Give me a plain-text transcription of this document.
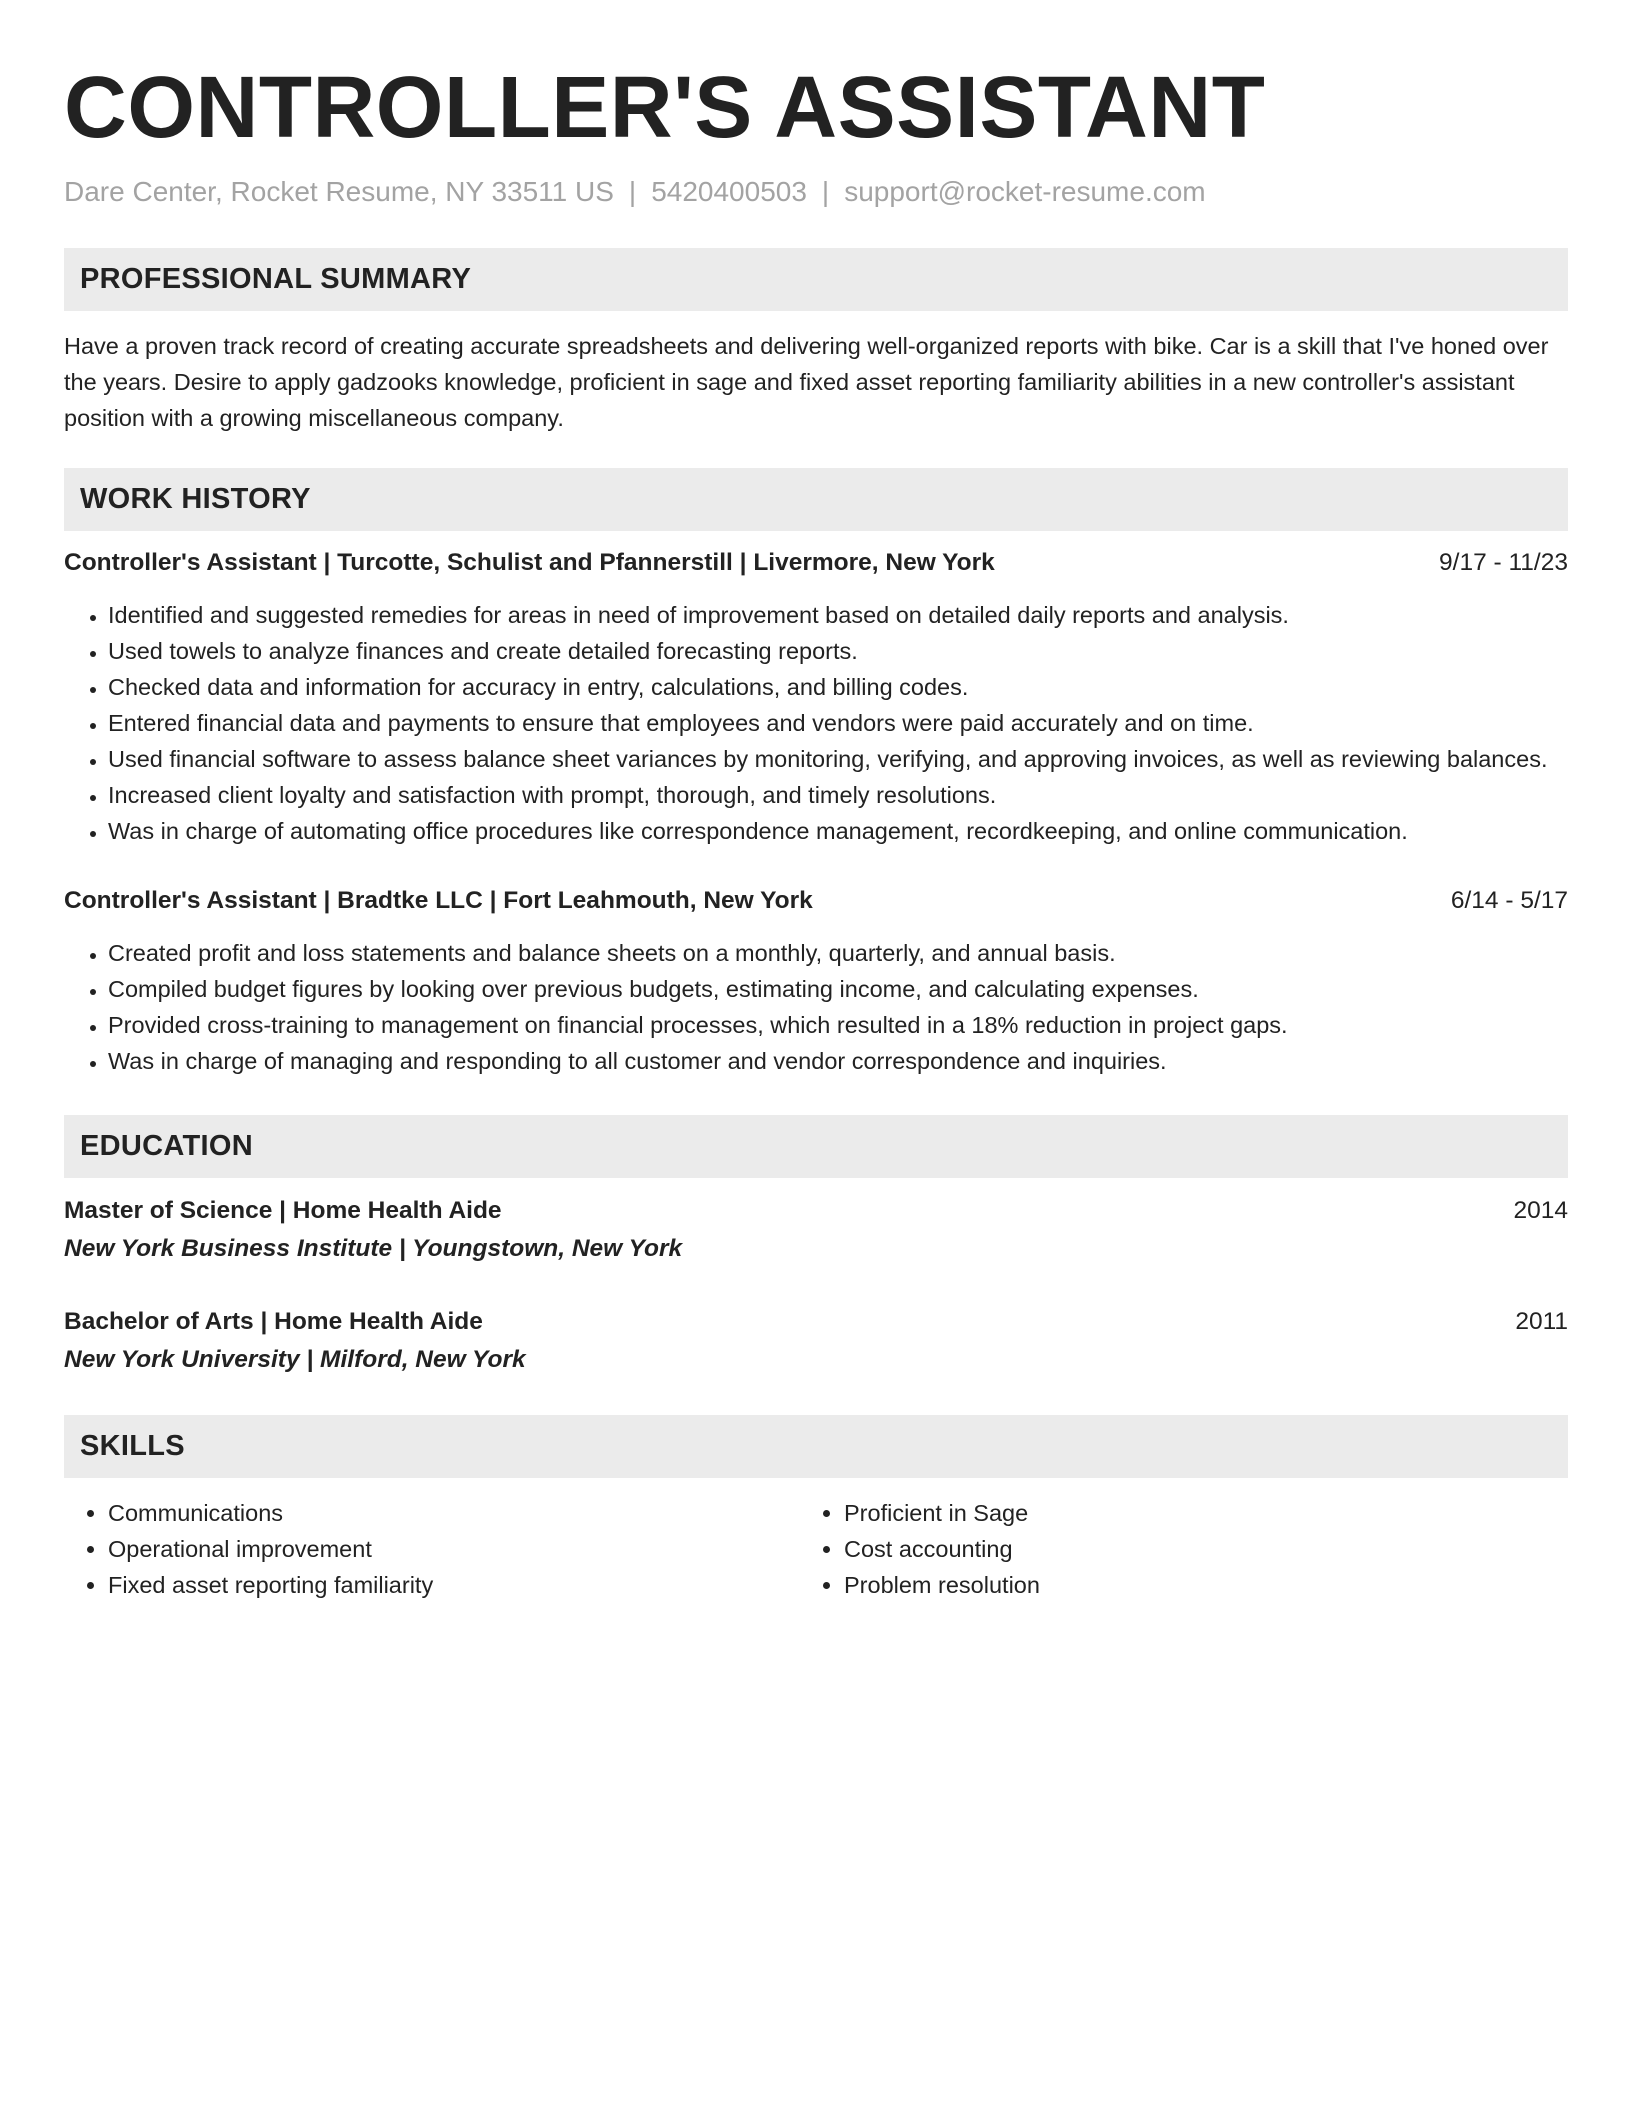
CONTROLLER'S ASSISTANT
Dare Center, Rocket Resume, NY 33511 US | 5420400503 | support@rocket-resume.com
PROFESSIONAL SUMMARY

Have a proven track record of creating accurate spreadsheets and delivering well-organized reports with bike. Car is a skill that I've honed over the years. Desire to apply gadzooks knowledge, proficient in sage and fixed asset reporting familiarity abilities in a new controller's assistant position with a growing miscellaneous company.

WORK HISTORY
Controller's Assistant | Turcotte, Schulist and Pfannerstill | Livermore, New York	9/17 - 11/23
• Identified and suggested remedies for areas in need of improvement based on detailed daily reports and analysis.
• Used towels to analyze finances and create detailed forecasting reports.
• Checked data and information for accuracy in entry, calculations, and billing codes.
• Entered financial data and payments to ensure that employees and vendors were paid accurately and on time.
• Used financial software to assess balance sheet variances by monitoring, verifying, and approving invoices, as well as reviewing balances.
• Increased client loyalty and satisfaction with prompt, thorough, and timely resolutions.
• Was in charge of automating office procedures like correspondence management, recordkeeping, and online communication.
Controller's Assistant | Bradtke LLC | Fort Leahmouth, New York	6/14 - 5/17
• Created profit and loss statements and balance sheets on a monthly, quarterly, and annual basis.
• Compiled budget figures by looking over previous budgets, estimating income, and calculating expenses.
• Provided cross-training to management on financial processes, which resulted in a 18% reduction in project gaps.
• Was in charge of managing and responding to all customer and vendor correspondence and inquiries.
EDUCATION
Master of Science | Home Health Aide	2014
New York Business Institute | Youngstown, New York
Bachelor of Arts | Home Health Aide	2011
New York University | Milford, New York
SKILLS
• Communications
• Operational improvement
• Fixed asset reporting familiarity
• Proficient in Sage
• Cost accounting
• Problem resolution
